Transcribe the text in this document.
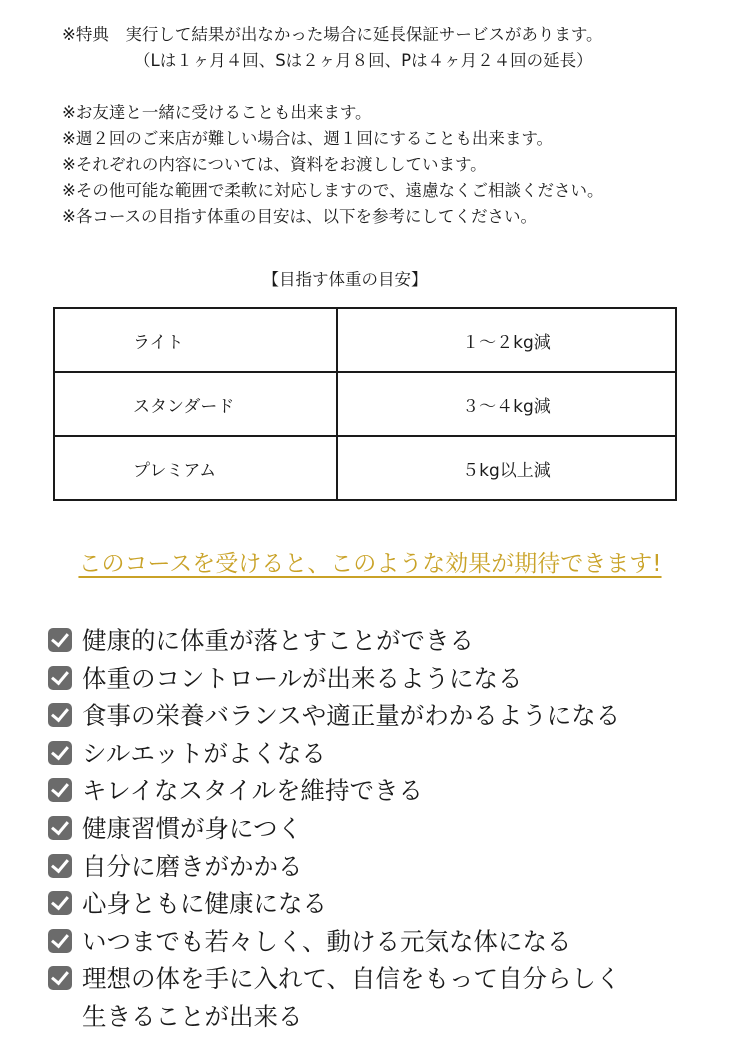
※特典　実行して結果が出なかった場合に延長保証サービスがあります。
（Lは１ヶ月４回、Sは２ヶ月８回、Pは４ヶ月２４回の延長）
※お友達と一緒に受けることも出来ます。
※週２回のご来店が難しい場合は、週１回にすることも出来ます。
※それぞれの内容については、資料をお渡ししています。
※その他可能な範囲で柔軟に対応しますので、遠慮なくご相談ください。
※各コースの目指す体重の目安は、以下を参考にしてください。
【目指す体重の目安】
ライト	１～２kg減
スタンダード	３～４kg減
プレミアム	５kg以上減
このコースを受けると、このような効果が期待できます!
健康的に体重が落とすことができる
体重のコントロールが出来るようになる
食事の栄養バランスや適正量がわかるようになる
シルエットがよくなる
キレイなスタイルを維持できる
健康習慣が身につく
自分に磨きがかかる
心身ともに健康になる
いつまでも若々しく、動ける元気な体になる
理想の体を手に入れて、自信をもって自分らしく
生きることが出来る
